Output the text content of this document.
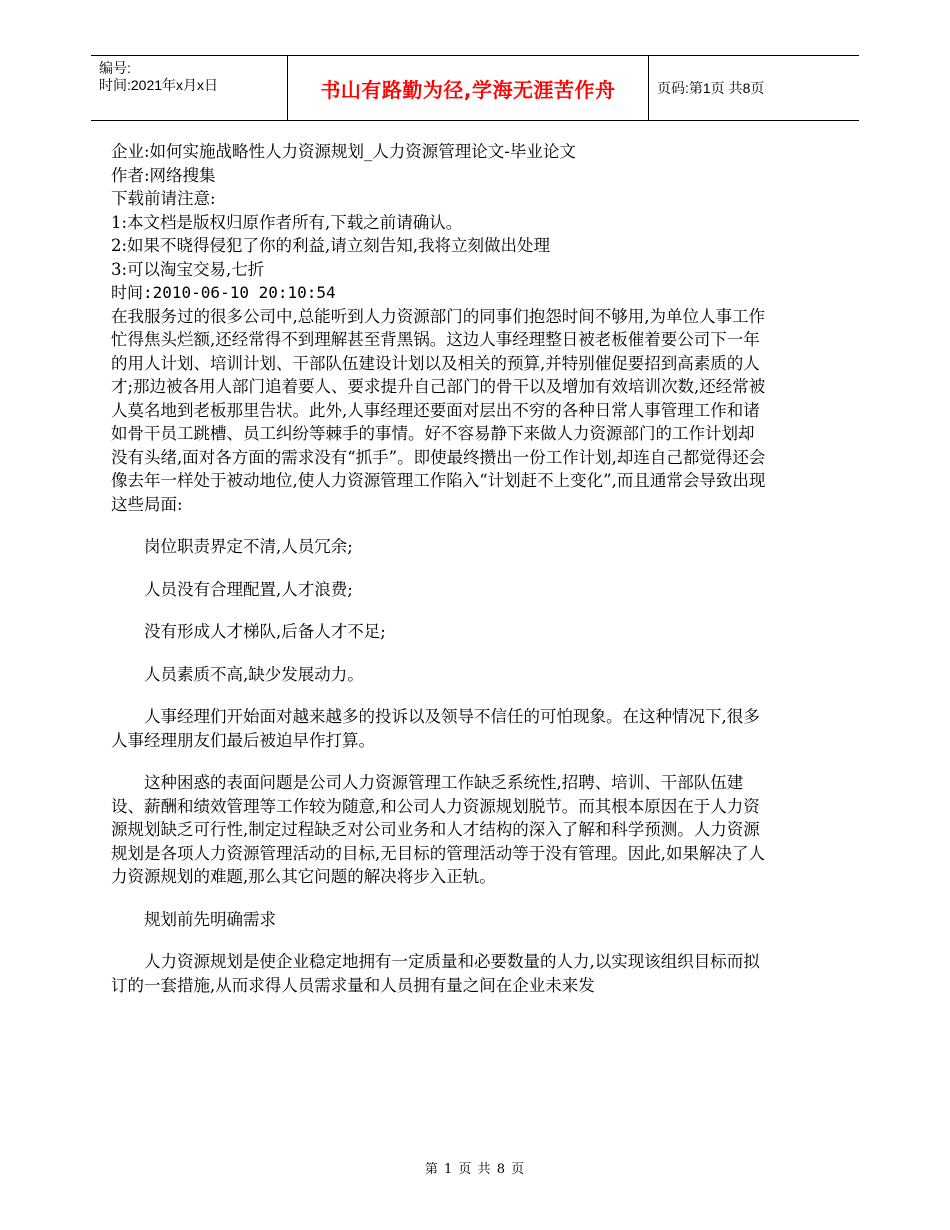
编号:
时间:2021年x月x日	书山有路勤为径,学海无涯苦作舟	页码:第1页 共8页

企业:如何实施战略性人力资源规划_人力资源管理论文-毕业论文

作者:网络搜集

下载前请注意:

1:本文档是版权归原作者所有,下载之前请确认。

2:如果不晓得侵犯了你的利益,请立刻告知,我将立刻做出处理

3:可以淘宝交易,七折

时间:2010-06-10 20:10:54

在我服务过的很多公司中,总能听到人力资源部门的同事们抱怨时间不够用,为单位人事工作忙得焦头烂额,还经常得不到理解甚至背黑锅。这边人事经理整日被老板催着要公司下一年的用人计划、培训计划、干部队伍建设计划以及相关的预算,并特别催促要招到高素质的人才;那边被各用人部门追着要人、要求提升自己部门的骨干以及增加有效培训次数,还经常被人莫名地到老板那里告状。此外,人事经理还要面对层出不穷的各种日常人事管理工作和诸如骨干员工跳槽、员工纠纷等棘手的事情。好不容易静下来做人力资源部门的工作计划却没有头绪,面对各方面的需求没有“抓手”。即使最终攒出一份工作计划,却连自己都觉得还会像去年一样处于被动地位,使人力资源管理工作陷入“计划赶不上变化”,而且通常会导致出现这些局面:

岗位职责界定不清,人员冗余;

人员没有合理配置,人才浪费;

没有形成人才梯队,后备人才不足;

人员素质不高,缺少发展动力。

人事经理们开始面对越来越多的投诉以及领导不信任的可怕现象。在这种情况下,很多人事经理朋友们最后被迫早作打算。

这种困惑的表面问题是公司人力资源管理工作缺乏系统性,招聘、培训、干部队伍建设、薪酬和绩效管理等工作较为随意,和公司人力资源规划脱节。而其根本原因在于人力资源规划缺乏可行性,制定过程缺乏对公司业务和人才结构的深入了解和科学预测。人力资源规划是各项人力资源管理活动的目标,无目标的管理活动等于没有管理。因此,如果解决了人力资源规划的难题,那么其它问题的解决将步入正轨。

规划前先明确需求

人力资源规划是使企业稳定地拥有一定质量和必要数量的人力,以实现该组织目标而拟订的一套措施,从而求得人员需求量和人员拥有量之间在企业未来发

第 1 页 共 8 页
